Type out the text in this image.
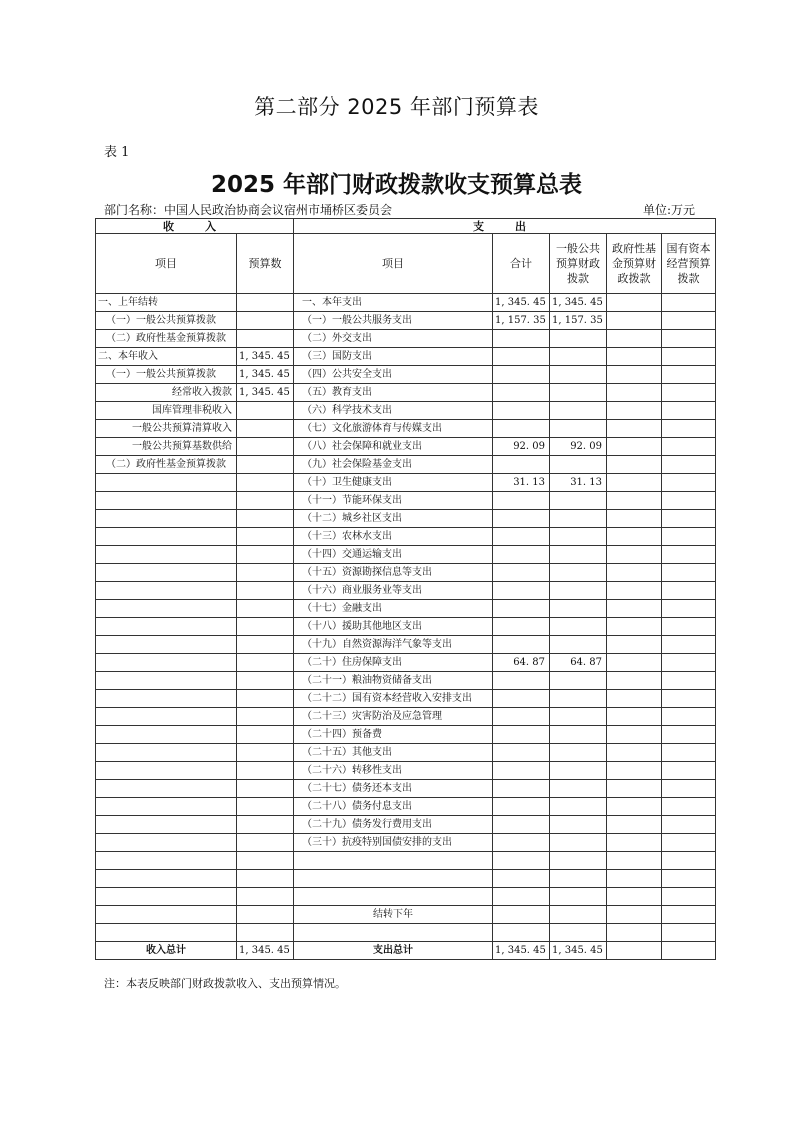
第二部分 2025 年部门预算表
表 1
2025 年部门财政拨款收支预算总表
部门名称：中国人民政治协商会议宿州市埇桥区委员会	单位:万元
收　入		支　出				
项目	预算数	项目	合计	一般公共预算财政拨款	政府性基金预算财政拨款	国有资本经营预算拨款
一、上年结转		一、本年支出	1, 345. 45	1, 345. 45		
（一）一般公共预算拨款		（一）一般公共服务支出	1, 157. 35	1, 157. 35		
（二）政府性基金预算拨款		（二）外交支出				
二、本年收入	1, 345. 45	（三）国防支出				
（一）一般公共预算拨款	1, 345. 45	（四）公共安全支出				
经常收入拨款	1, 345. 45	（五）教育支出				
国库管理非税收入		（六）科学技术支出				
一般公共预算清算收入		（七）文化旅游体育与传媒支出				
一般公共预算基数供给		（八）社会保障和就业支出	92. 09	92. 09		
（二）政府性基金预算拨款		（九）社会保险基金支出				
		（十）卫生健康支出	31. 13	31. 13		
		（十一）节能环保支出				
		（十二）城乡社区支出				
		（十三）农林水支出				
		（十四）交通运输支出				
		（十五）资源勘探信息等支出				
		（十六）商业服务业等支出				
		（十七）金融支出				
		（十八）援助其他地区支出				
		（十九）自然资源海洋气象等支出				
		（二十）住房保障支出	64. 87	64. 87		
		（二十一）粮油物资储备支出				
		（二十二）国有资本经营收入安排支出				
		（二十三）灾害防治及应急管理				
		（二十四）预备费				
		（二十五）其他支出				
		（二十六）转移性支出				
		（二十七）债务还本支出				
		（二十八）债务付息支出				
		（二十九）债务发行费用支出				
		（三十）抗疫特别国债安排的支出				

		结转下年				

收入总计	1, 345. 45	支出总计	1, 345. 45	1, 345. 45		
注：本表反映部门财政拨款收入、支出预算情况。
